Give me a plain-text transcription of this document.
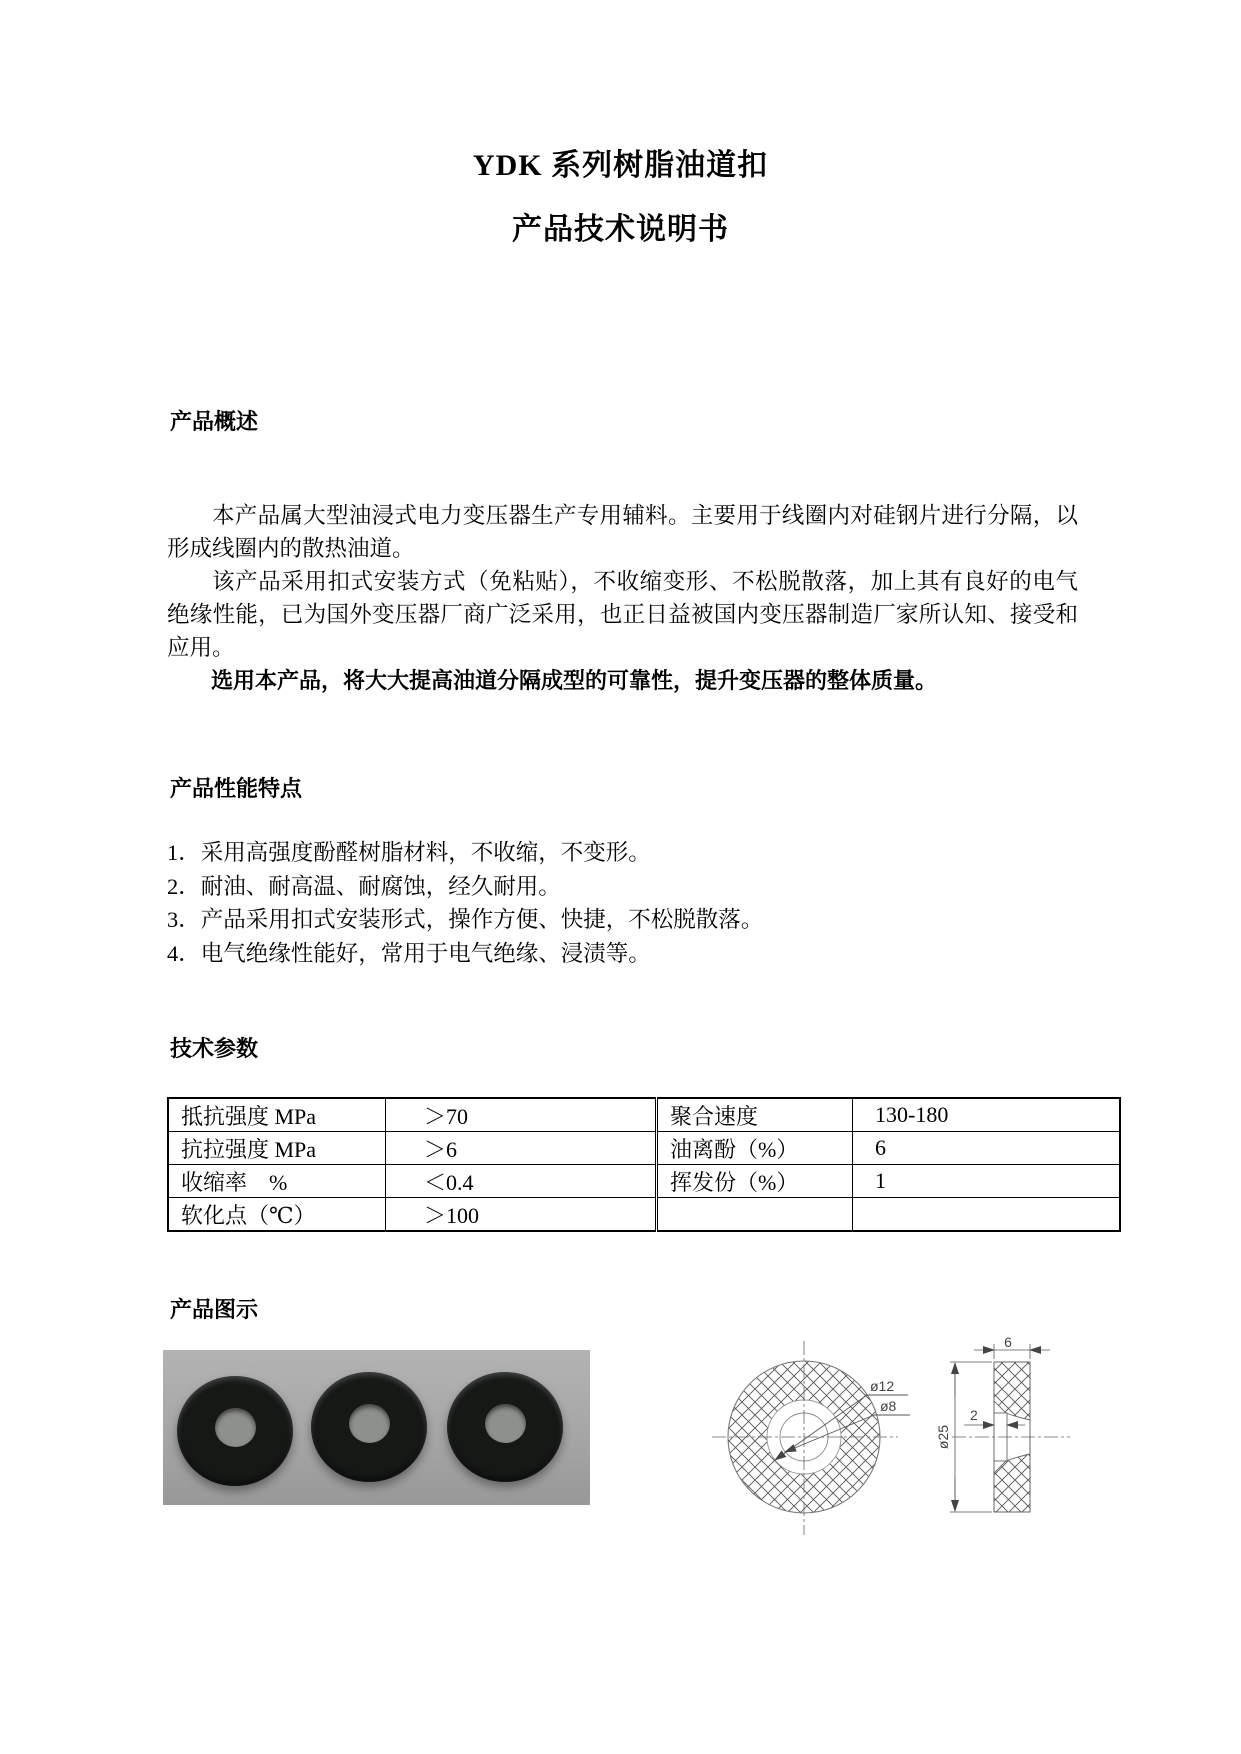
YDK 系列树脂油道扣
产品技术说明书
产品概述

本产品属大型油浸式电力变压器生产专用辅料。主要用于线圈内对硅钢片进行分隔，以形成线圈内的散热油道。

该产品采用扣式安装方式（免粘贴），不收缩变形、不松脱散落，加上其有良好的电气绝缘性能，已为国外变压器厂商广泛采用，也正日益被国内变压器制造厂家所认知、接受和应用。

选用本产品，将大大提高油道分隔成型的可靠性，提升变压器的整体质量。

产品性能特点

1．采用高强度酚醛树脂材料，不收缩，不变形。

2．耐油、耐高温、耐腐蚀，经久耐用。

3．产品采用扣式安装形式，操作方便、快捷，不松脱散落。

4．电气绝缘性能好，常用于电气绝缘、浸渍等。

技术参数
抵抗强度 MPa	＞70	聚合速度	130-180
抗拉强度 MPa	＞6	油离酚（%）	6
收缩率　%	＜0.4	挥发份（%）	1
软化点（℃）	＞100		
产品图示
ø12
ø8
6
ø25
2
